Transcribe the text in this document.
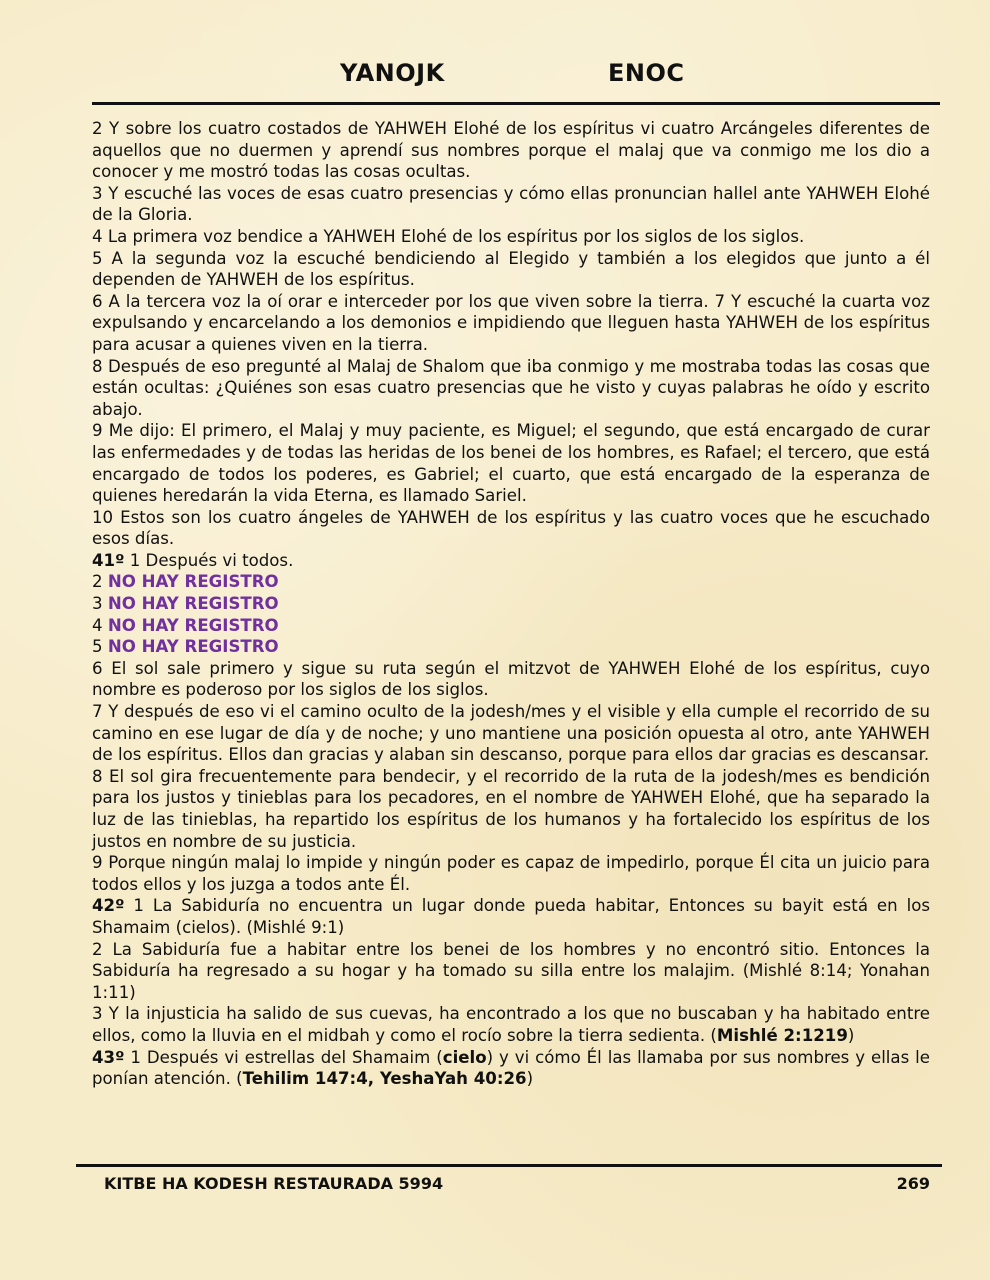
YANOJK	ENOC

2 Y sobre los cuatro costados de YAHWEH Elohé de los espíritus vi cuatro Arcángeles diferentes de aquellos que no duermen y aprendí sus nombres porque el malaj que va conmigo me los dio a conocer y me mostró todas las cosas ocultas.

3 Y escuché las voces de esas cuatro presencias y cómo ellas pronuncian hallel ante YAHWEH Elohé de la Gloria.

4 La primera voz bendice a YAHWEH Elohé de los espíritus por los siglos de los siglos.

5 A la segunda voz la escuché bendiciendo al Elegido y también a los elegidos que junto a él dependen de YAHWEH de los espíritus.

6 A la tercera voz la oí orar e interceder por los que viven sobre la tierra. 7 Y escuché la cuarta voz expulsando y encarcelando a los demonios e impidiendo que lleguen hasta YAHWEH de los espíritus para acusar a quienes viven en la tierra.

8 Después de eso pregunté al Malaj de Shalom que iba conmigo y me mostraba todas las cosas que están ocultas: ¿Quiénes son esas cuatro presencias que he visto y cuyas palabras he oído y escrito abajo.

9 Me dijo: El primero, el Malaj y muy paciente, es Miguel; el segundo, que está encargado de curar las enfermedades y de todas las heridas de los benei de los hombres, es Rafael; el tercero, que está encargado de todos los poderes, es Gabriel; el cuarto, que está encargado de la esperanza de quienes heredarán la vida Eterna, es llamado Sariel.

10 Estos son los cuatro ángeles de YAHWEH de los espíritus y las cuatro voces que he escuchado esos días.

41º 1 Después vi todos.

2 NO HAY REGISTRO

3 NO HAY REGISTRO

4 NO HAY REGISTRO

5 NO HAY REGISTRO

6 El sol sale primero y sigue su ruta según el mitzvot de YAHWEH Elohé de los espíritus, cuyo nombre es poderoso por los siglos de los siglos.

7 Y después de eso vi el camino oculto de la jodesh/mes y el visible y ella cumple el recorrido de su camino en ese lugar de día y de noche; y uno mantiene una posición opuesta al otro, ante YAHWEH de los espíritus. Ellos dan gracias y alaban sin descanso, porque para ellos dar gracias es descansar.

8 El sol gira frecuentemente para bendecir, y el recorrido de la ruta de la jodesh/mes es bendición para los justos y tinieblas para los pecadores, en el nombre de YAHWEH Elohé, que ha separado la luz de las tinieblas, ha repartido los espíritus de los humanos y ha fortalecido los espíritus de los justos en nombre de su justicia.

9 Porque ningún malaj lo impide y ningún poder es capaz de impedirlo, porque Él cita un juicio para todos ellos y los juzga a todos ante Él.

42º 1 La Sabiduría no encuentra un lugar donde pueda habitar, Entonces su bayit está en los Shamaim (cielos). (Mishlé 9:1)

2 La Sabiduría fue a habitar entre los benei de los hombres y no encontró sitio. Entonces la Sabiduría ha regresado a su hogar y ha tomado su silla entre los malajim. (Mishlé 8:14; Yonahan 1:11)

3 Y la injusticia ha salido de sus cuevas, ha encontrado a los que no buscaban y ha habitado entre ellos, como la lluvia en el midbah y como el rocío sobre la tierra sedienta. (Mishlé 2:1219)

43º 1 Después vi estrellas del Shamaim (cielo) y vi cómo Él las llamaba por sus nombres y ellas le ponían atención. (Tehilim 147:4, YeshaYah 40:26)

KITBE HA KODESH RESTAURADA 5994	269
